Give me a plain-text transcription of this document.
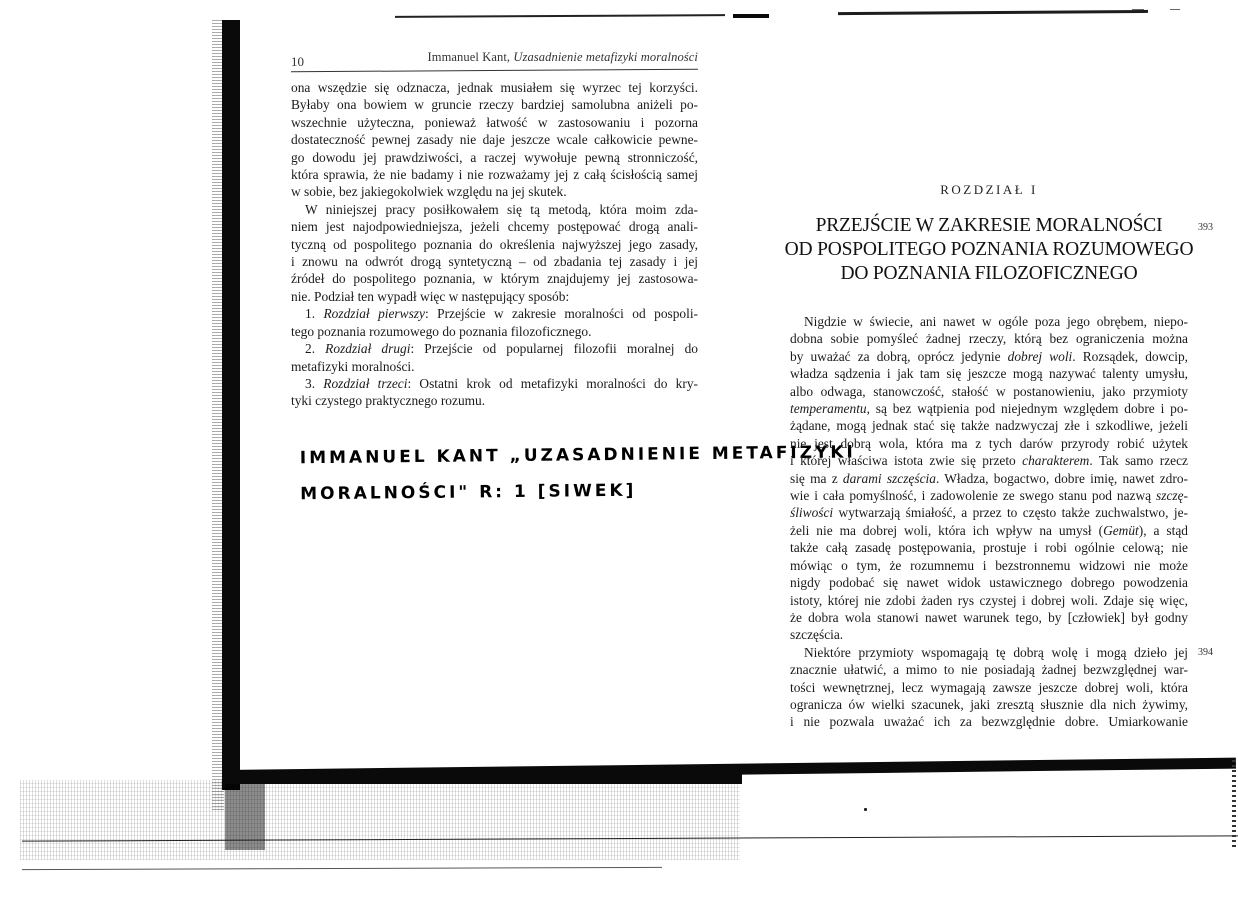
10	Immanuel Kant, Uzasadnienie metafizyki moralności
ona wszędzie się odznacza, jednak musiałem się wyrzec tej korzyści.
Byłaby ona bowiem w gruncie rzeczy bardziej samolubna aniżeli po-
wszechnie użyteczna, ponieważ łatwość w zastosowaniu i pozorna
dostateczność pewnej zasady nie daje jeszcze wcale całkowicie pewne-
go dowodu jej prawdziwości, a raczej wywołuje pewną stronniczość,
która sprawia, że nie badamy i nie rozważamy jej z całą ścisłością samej
w sobie, bez jakiegokolwiek względu na jej skutek.
W niniejszej pracy posiłkowałem się tą metodą, która moim zda-
niem jest najodpowiedniejsza, jeżeli chcemy postępować drogą anali-
tyczną od pospolitego poznania do określenia najwyższej jego zasady,
i znowu na odwrót drogą syntetyczną – od zbadania tej zasady i jej
źródeł do pospolitego poznania, w którym znajdujemy jej zastosowa-
nie. Podział ten wypadł więc w następujący sposób:
1. Rozdział pierwszy: Przejście w zakresie moralności od pospoli-
tego poznania rozumowego do poznania filozoficznego.
2. Rozdział drugi: Przejście od popularnej filozofii moralnej do
metafizyki moralności.
3. Rozdział trzeci: Ostatni krok od metafizyki moralności do kry-
tyki czystego praktycznego rozumu.
IMMANUEL KANT „UZASADNIENIE METAFIZYKI
MORALNOŚCI" R: 1 [SIWEK]
ROZDZIAŁ I
PRZEJŚCIE W ZAKRESIE MORALNOŚCI
OD POSPOLITEGO POZNANIA ROZUMOWEGO
DO POZNANIA FILOZOFICZNEGO
393
394
Nigdzie w świecie, ani nawet w ogóle poza jego obrębem, niepo-
dobna sobie pomyśleć żadnej rzeczy, którą bez ograniczenia można
by uważać za dobrą, oprócz jedynie dobrej woli. Rozsądek, dowcip,
władza sądzenia i jak tam się jeszcze mogą nazywać talenty umysłu,
albo odwaga, stanowczość, stałość w postanowieniu, jako przymioty
temperamentu, są bez wątpienia pod niejednym względem dobre i po-
żądane, mogą jednak stać się także nadzwyczaj złe i szkodliwe, jeżeli
nie jest dobrą wola, która ma z tych darów przyrody robić użytek
i której właściwa istota zwie się przeto charakterem. Tak samo rzecz
się ma z darami szczęścia. Władza, bogactwo, dobre imię, nawet zdro-
wie i cała pomyślność, i zadowolenie ze swego stanu pod nazwą szczę-
śliwości wytwarzają śmiałość, a przez to często także zuchwalstwo, je-
żeli nie ma dobrej woli, która ich wpływ na umysł (Gemüt), a stąd
także całą zasadę postępowania, prostuje i robi ogólnie celową; nie
mówiąc o tym, że rozumnemu i bezstronnemu widzowi nie może
nigdy podobać się nawet widok ustawicznego dobrego powodzenia
istoty, której nie zdobi żaden rys czystej i dobrej woli. Zdaje się więc,
że dobra wola stanowi nawet warunek tego, by [człowiek] był godny
szczęścia.
Niektóre przymioty wspomagają tę dobrą wolę i mogą dzieło jej
znacznie ułatwić, a mimo to nie posiadają żadnej bezwzględnej war-
tości wewnętrznej, lecz wymagają zawsze jeszcze dobrej woli, która
ogranicza ów wielki szacunek, jaki zresztą słusznie dla nich żywimy,
i nie pozwala uważać ich za bezwzględnie dobre. Umiarkowanie
